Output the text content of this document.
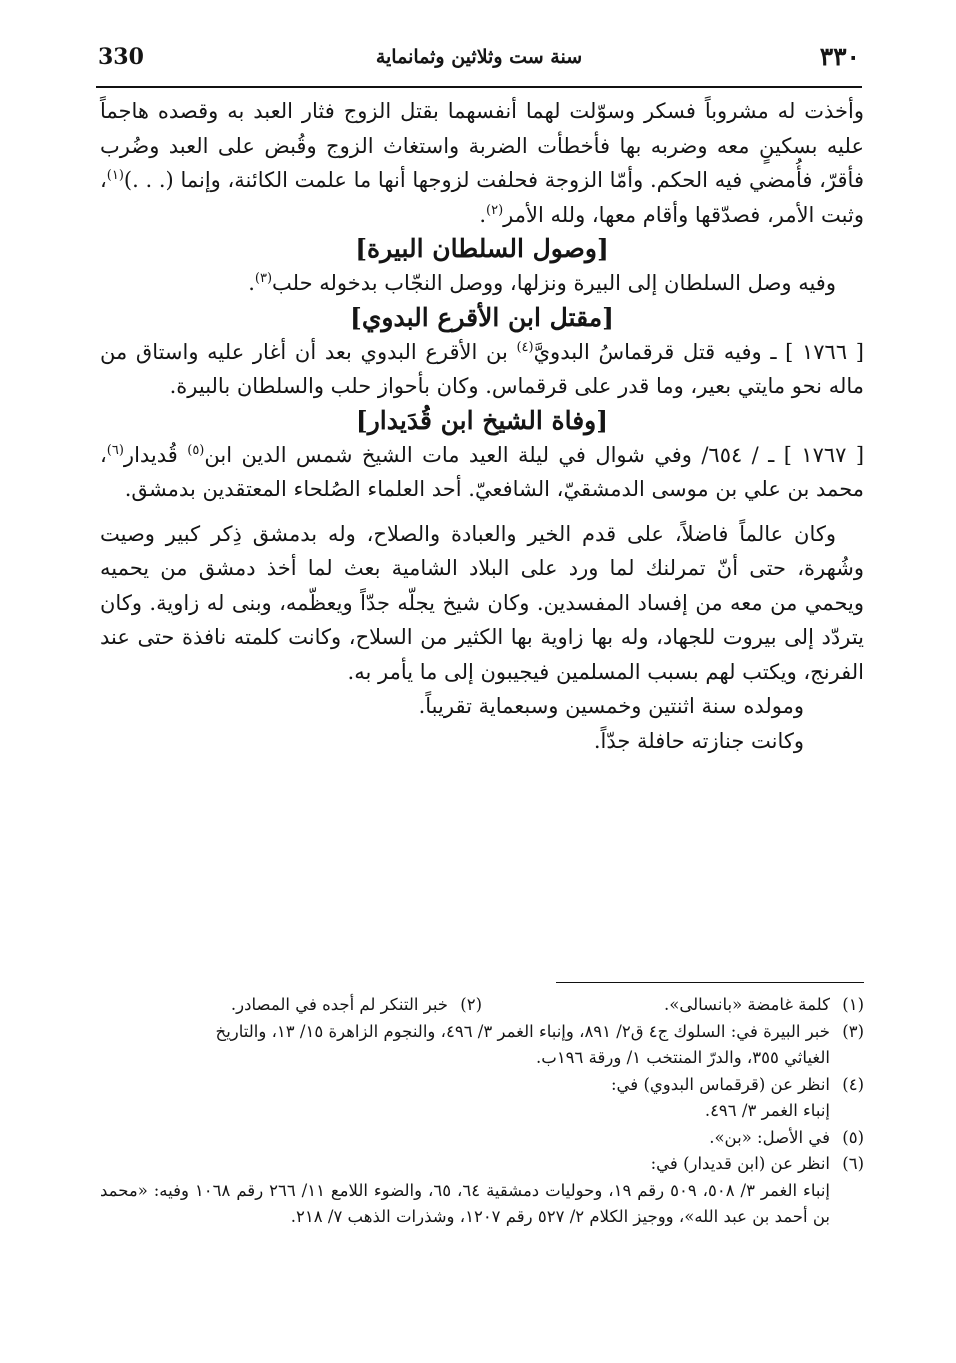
330	سنة ست وثلاثين وثمانماية	٣٣٠

وأخذت له مشروباً فسكر وسوّلت لهما أنفسهما بقتل الزوج فثار العبد به وقصده هاجماً عليه بسكينٍ معه وضربه بها فأخطأت الضربة واستغاث الزوج وقُبض على العبد وضُرب فأقرّ، فأُمضي فيه الحكم. وأمّا الزوجة فحلفت لزوجها أنها ما علمت الكائنة، وإنما (. . .)$^{(١)}$، وثبت الأمر، فصدّقها وأقام معها، ولله الأمر$^{(٢)}$.

[وصول السلطان البيرة]

وفيه وصل السلطان إلى البيرة ونزلها، ووصل النجّاب بدخوله حلب$^{(٣)}$.

[مقتل ابن الأقرع البدوي]

[ ١٧٦٦ ] ـ وفيه قتل قرقماسُ البدويَّ$^{(٤)}$ بن الأقرع البدوي بعد أن أغار عليه واستاق من ماله نحو مايتي بعير، وما قدر على قرقماس. وكان بأحواز حلب والسلطان بالبيرة.

[وفاة الشيخ ابن قُدَيدار]

[ ١٧٦٧ ] ـ / ٦٥٤/ وفي شوال في ليلة العيد مات الشيخ شمس الدين ابن$^{(٥)}$ قُديدار$^{(٦)}$، محمد بن علي بن موسى الدمشقيّ، الشافعيّ. أحد العلماء الصُلحاء المعتقدين بدمشق.

وكان عالماً فاضلاً، على قدم الخير والعبادة والصلاح، وله بدمشق ذِكر كبير وصيت وشُهرة، حتى أنّ تمرلنك لما ورد على البلاد الشامية بعث لما أخذ دمشق من يحميه ويحمي من معه من إفساد المفسدين. وكان شيخ يجلّه جدّاً ويعظّمه، وبنى له زاوية. وكان يتردّد إلى بيروت للجهاد، وله بها زاوية بها الكثير من السلاح، وكانت كلمته نافذة حتى عند الفرنج، ويكتب لهم بسبب المسلمين فيجيبون إلى ما يأمر به.

ومولده سنة اثنتين وخمسين وسبعماية تقريباً.

وكانت جنازته حافلة جدّاً.

(١)
كلمة غامضة «بانسالى».
(٢)
خبر التنكر لم أجده في المصادر.
(٣)
خبر البيرة في: السلوك ج٤ ق٢/ ٨٩١، وإنباء الغمر ٣/ ٤٩٦، والنجوم الزاهرة ١٥/ ١٣، والتاريخ
الغياثي ٣٥٥، والدرّ المنتخب ١/ ورقة ١٩٦ب.
(٤)
انظر عن (قرقماس البدوي) في:
إنباء الغمر ٣/ ٤٩٦.
(٥)
في الأصل: «بن».
(٦)
انظر عن (ابن قديدار) في:
إنباء الغمر ٣/ ٥٠٨، ٥٠٩ رقم ١٩، وحوليات دمشقية ٦٤، ٦٥، والضوء اللامع ١١/ ٢٦٦ رقم ١٠٦٨ وفيه: «محمد بن أحمد بن عبد الله»، ووجيز الكلام ٢/ ٥٢٧ رقم ١٢٠٧، وشذرات الذهب ٧/ ٢١٨.
